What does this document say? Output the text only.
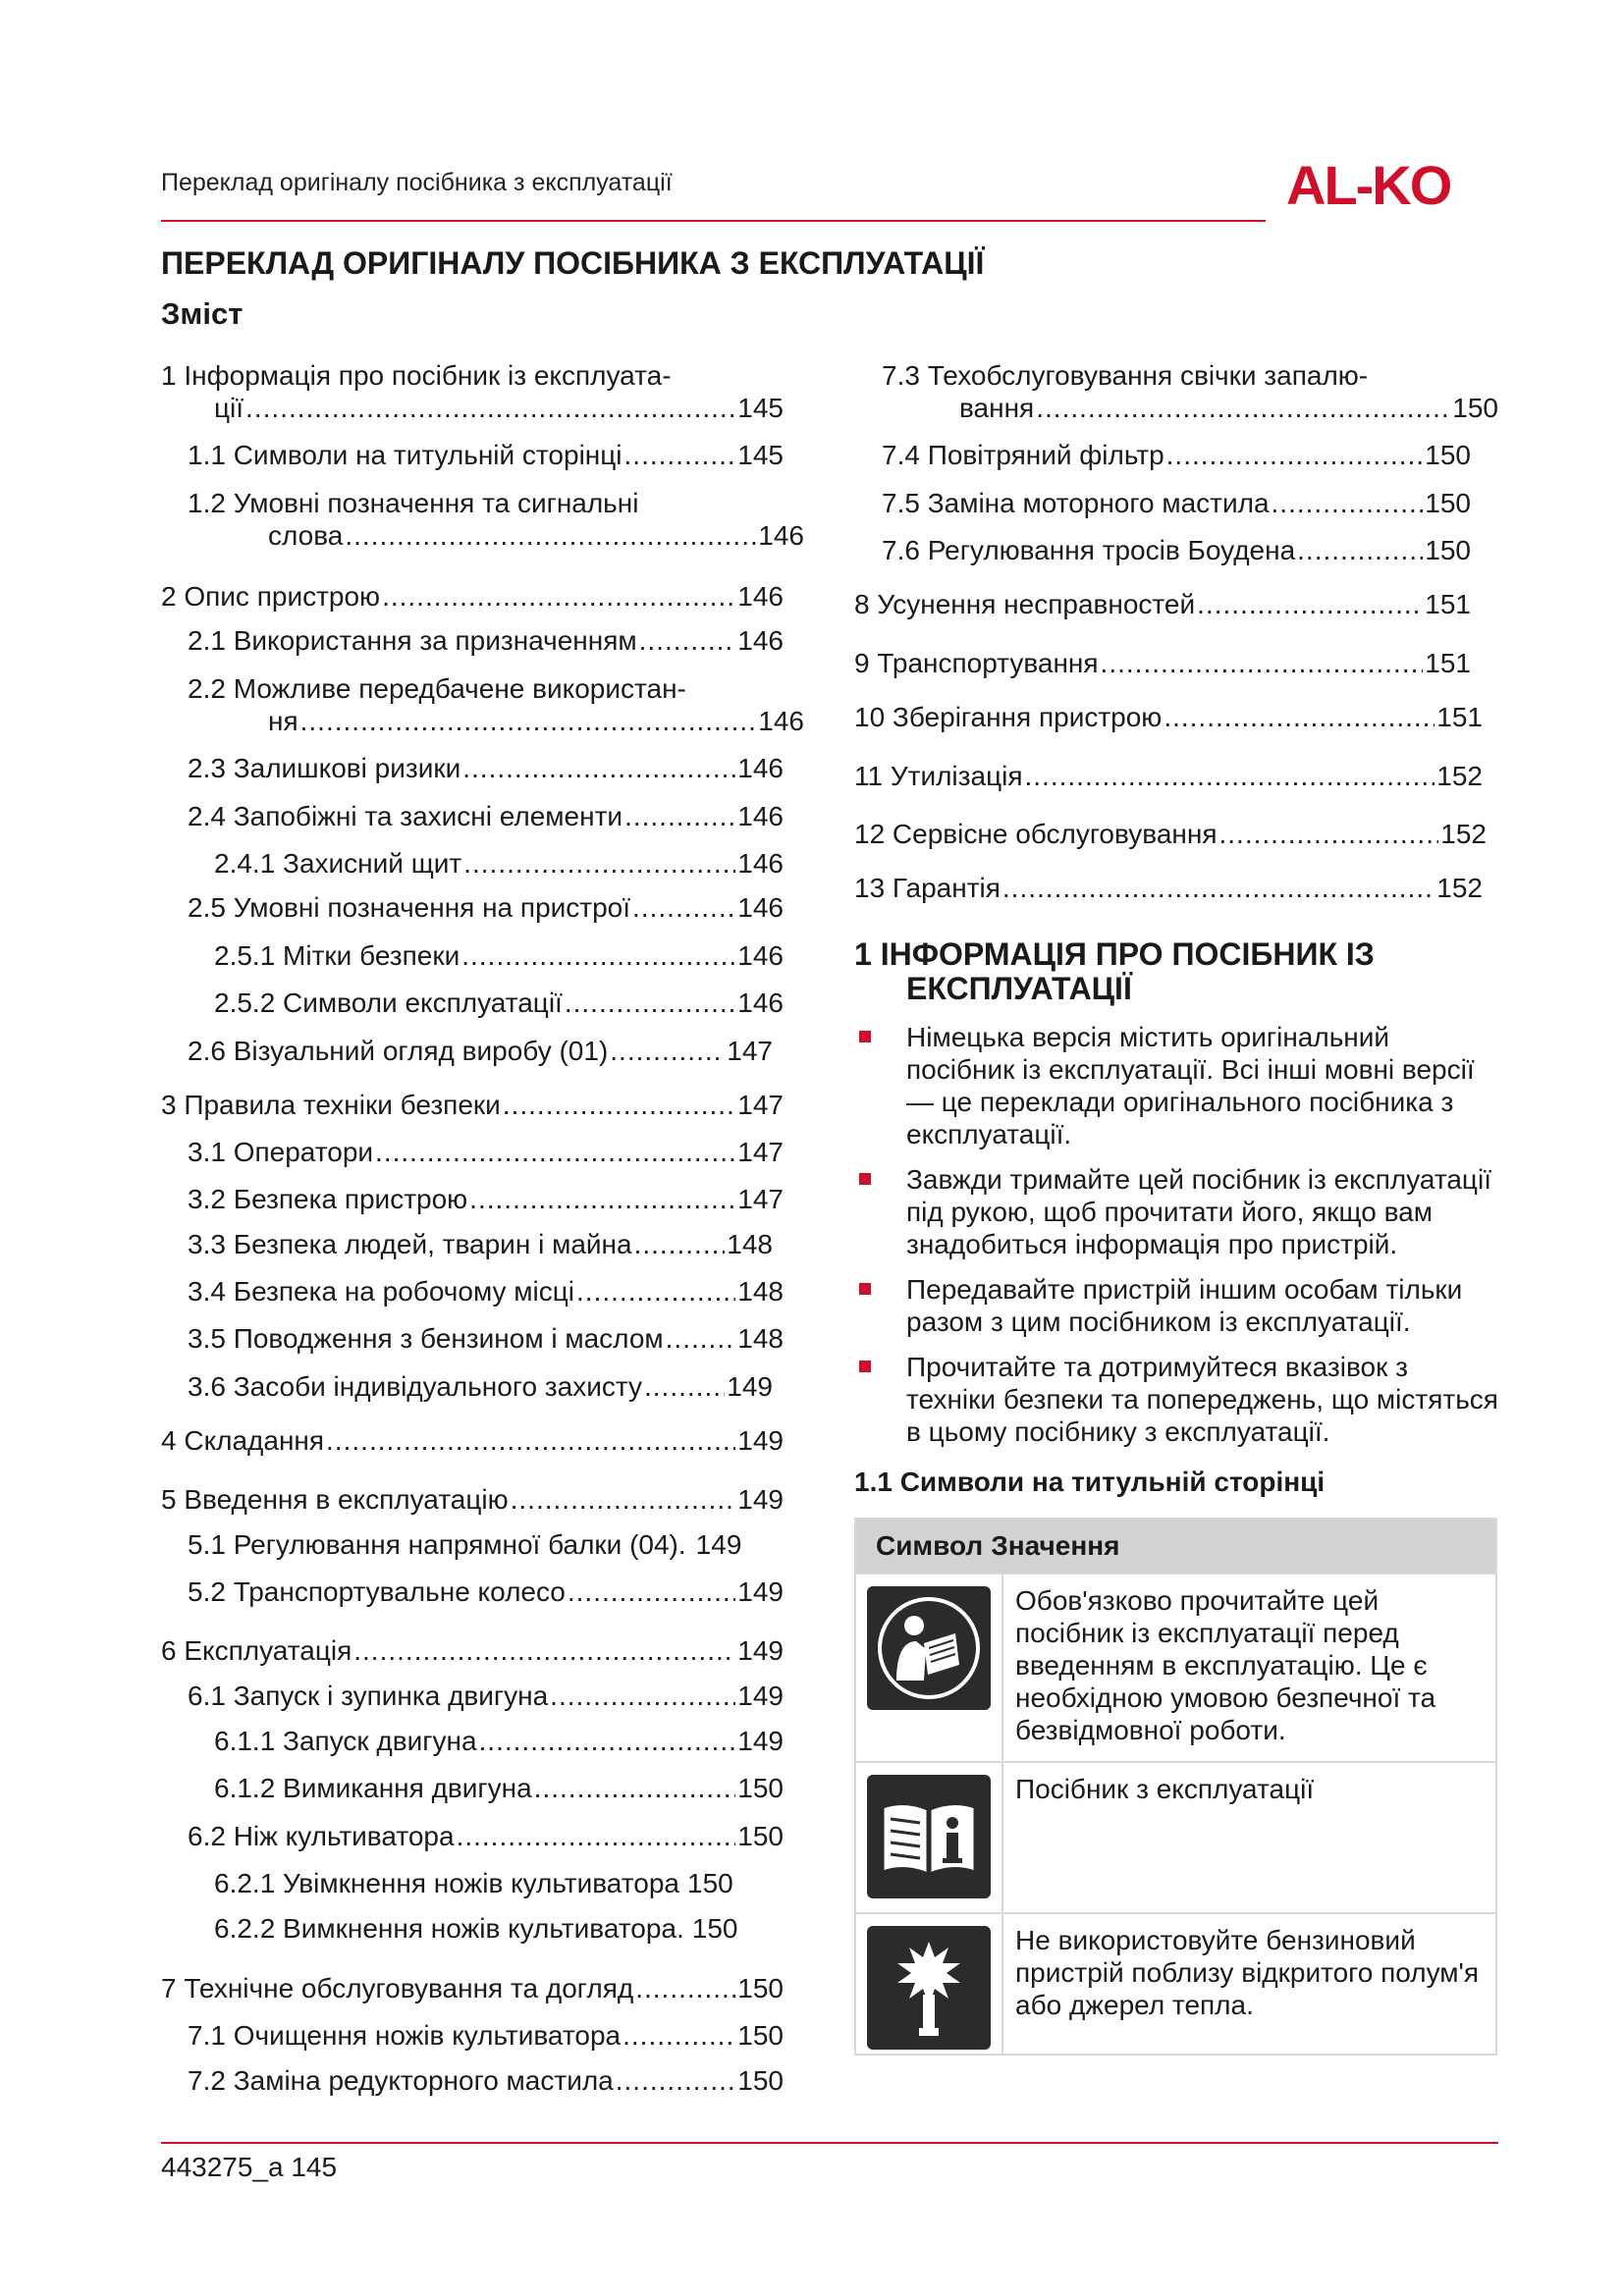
Переклад оригіналу посібника з експлуатації	AL-KO
ПЕРЕКЛАД ОРИГІНАЛУ ПОСІБНИКА З ЕКСПЛУАТАЦІЇ
Зміст
1 Інформація про посібник із експлуата-
ції .....	145
1.1 Символи на титульній сторінці .....	145
1.2 Умовні позначення та сигнальні
слова .....	146
2 Опис пристрою .....	146
2.1 Використання за призначенням .....	146
2.2 Можливе передбачене використан-
ня .....	146
2.3 Залишкові ризики .....	146
2.4 Запобіжні та захисні елементи .....	146
2.4.1 Захисний щит .....	146
2.5 Умовні позначення на пристрої .....	146
2.5.1 Мітки безпеки .....	146
2.5.2 Символи експлуатації .....	146
2.6 Візуальний огляд виробу (01) .....	147
3 Правила техніки безпеки .....	147
3.1 Оператори .....	147
3.2 Безпека пристрою .....	147
3.3 Безпека людей, тварин і майна .....	148
3.4 Безпека на робочому місці .....	148
3.5 Поводження з бензином і маслом .....	148
3.6 Засоби індивідуального захисту .....	149
4 Складання .....	149
5 Введення в експлуатацію .....	149
5.1 Регулювання напрямної балки (04). 149
5.2 Транспортувальне колесо .....	149
6 Експлуатація .....	149
6.1 Запуск і зупинка двигуна .....	149
6.1.1 Запуск двигуна .....	149
6.1.2 Вимикання двигуна .....	150
6.2 Ніж культиватора .....	150
6.2.1 Увімкнення ножів культиватора 150
6.2.2 Вимкнення ножів культиватора. 150
7 Технічне обслуговування та догляд .....	150
7.1 Очищення ножів культиватора .....	150
7.2 Заміна редукторного мастила .....	150
7.3 Техобслуговування свічки запалю-
вання .....	150
7.4 Повітряний фільтр .....	150
7.5 Заміна моторного мастила .....	150
7.6 Регулювання тросів Боудена .....	150
8 Усунення несправностей .....	151
9 Транспортування .....	151
10 Зберігання пристрою .....	151
11 Утилізація .....	152
12 Сервісне обслуговування .....	152
13 Гарантія .....	152
1 ІНФОРМАЦІЯ ПРО ПОСІБНИК ІЗ
ЕКСПЛУАТАЦІЇ
Німецька версія містить оригінальний посібник із експлуатації. Всі інші мовні версії — це переклади оригінального посібника з експлуатації.
Завжди тримайте цей посібник із експлуатації під рукою, щоб прочитати його, якщо вам знадобиться інформація про пристрій.
Передавайте пристрій іншим особам тільки разом з цим посібником із експлуатації.
Прочитайте та дотримуйтеся вказівок з техніки безпеки та попереджень, що містяться в цьому посібнику з експлуатації.
1.1 Символи на титульній сторінці
Символ Значення
Обов'язково прочитайте цей посібник із експлуатації перед введенням в експлуатацію. Це є необхідною умовою безпечної та безвідмовної роботи.
Посібник з експлуатації
Не використовуйте бензиновий пристрій поблизу відкритого полум'я або джерел тепла.
443275_a 145
